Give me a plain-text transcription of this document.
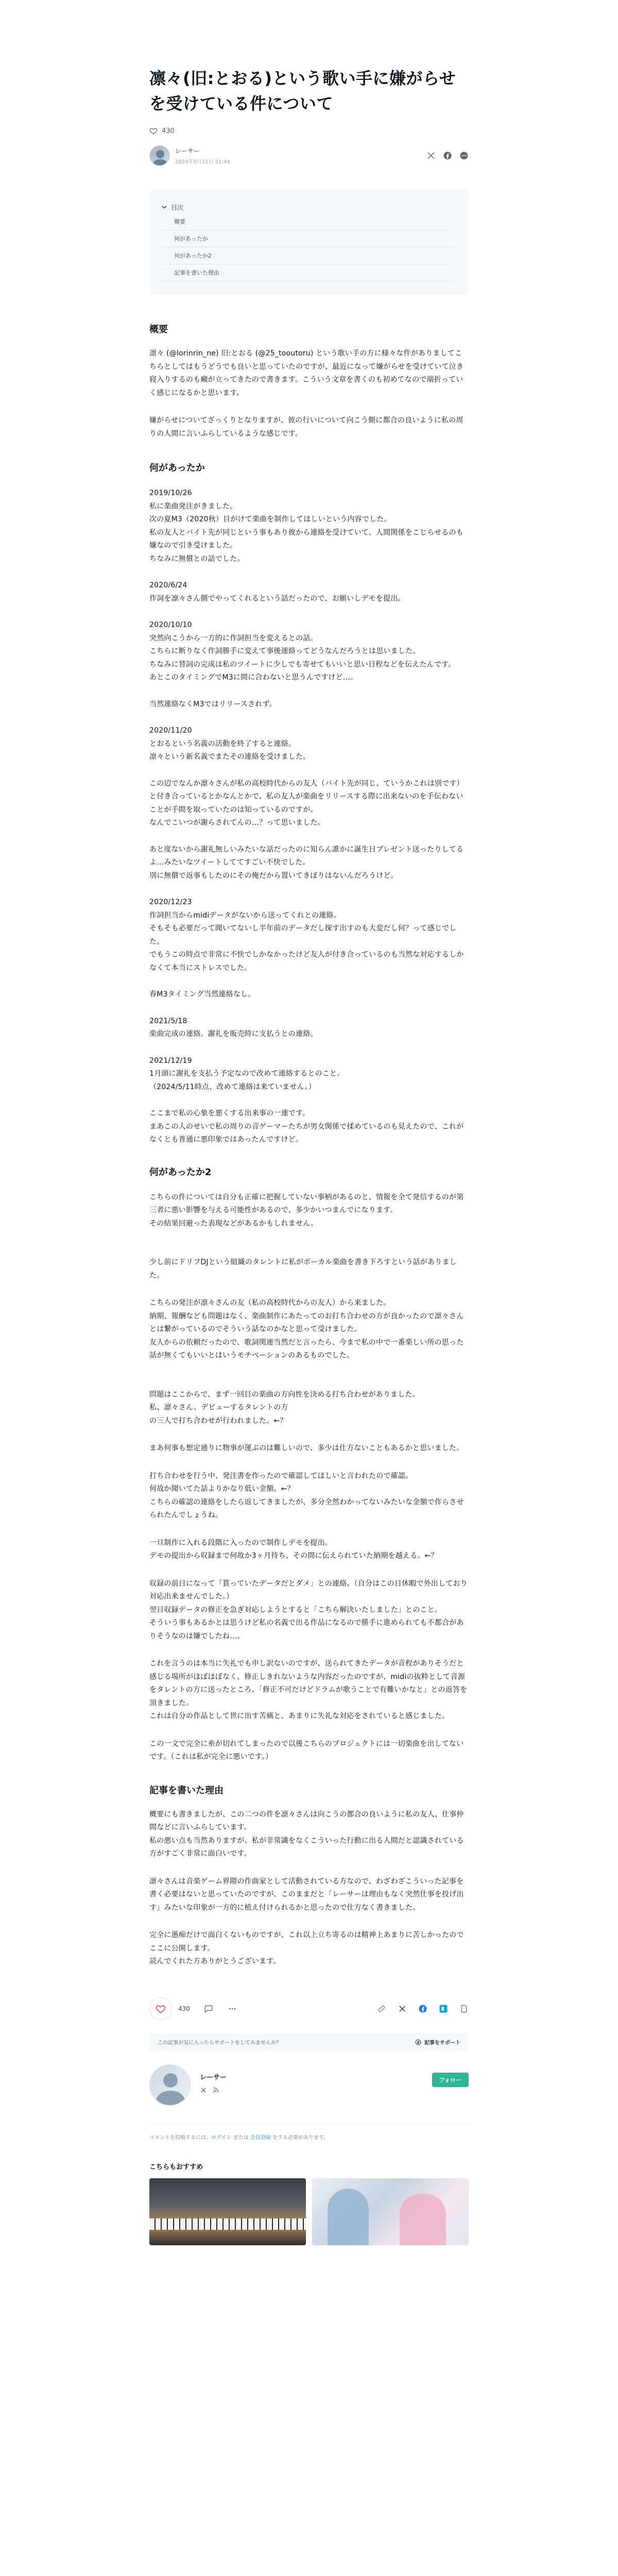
凛々(旧:とおる)という歌い手に嫌がらせを受けている件について
430
レーサー
2024年5月11日 21:44
目次
概要
何があったか
何があったか2
記事を書いた理由
概要

凛々 (@lorinrin_ne) 旧:とおる (@25_tooutoru) という歌い手の方に様々な件がありましてこちらとしてはもうどうでも良いと思っていたのですが、最近になって嫌がらせを受けていて泣き寝入りするのも癪が立ってきたので書きます。こういう文章を書くのも初めてなので端折っていく感じになるかと思います。

嫌がらせについてざっくりとなりますが、彼の行いについて向こう側に都合の良いように私の周りの人間に言いふらしているような感じです。

何があったか

2019/10/26
私に楽曲発注がきました。
次の夏M3（2020秋）目がけて楽曲を制作してほしいという内容でした。
私の友人とバイト先が同じという事もあり彼から連絡を受けていて、人間関係をこじらせるのも嫌なので引き受けました。
ちなみに無償との話でした。

2020/6/24
作詞を凛々さん側でやってくれるという話だったので、お願いしデモを提出。

2020/10/10
突然向こうから一方的に作詞担当を変えるとの話。
こちらに断りなく作詞勝手に変えて事後連絡ってどうなんだろうとは思いました。
ちなみに替詞の完成は私のツイートに少しでも寄せてもいいと思い日程などを伝えたんです。
あとこのタイミングでM3に間に合わないと思うんですけど…。

当然連絡なくM3ではリリースされず。

2020/11/20
とおるという名義の活動を終了すると連絡。
凛々という新名義でまたその連絡を受けました。

この辺でなんか凛々さんが私の高校時代からの友人（バイト先が同じ、ていうかこれは別です）と付き合っているとかなんとかで、私の友人が楽曲をリリースする際に出来ないのを手伝わないことが手間を取っていたのは知っているのですが。
なんでこいつが謝らされてんの…？って思いました。

あと度ないから謝礼無しいみたいな話だったのに知らん誰かに誕生日プレゼント送ったりしてるよ…みたいなツイートしててすごい不快でした。
別に無償で返事もしたのにその俺だから置いてきぼりはないんだろうけど。

2020/12/23
作詞担当からmidiデータがないから送ってくれとの連絡。
そもそも必要だって聞いてないし半年前のデータだし探す出すのも大変だし何？って感じでした。
でもうこの時点で非常に不快でしかなかったけど友人が付き合っているのも当然な対応するしかなくて本当にストレスでした。

春M3タイミング当然連絡なし。

2021/5/18
楽曲完成の連絡。謝礼を販売時に支払うとの連絡。

2021/12/19
1月頭に謝礼を支払う予定なので改めて連絡するとのこと。
（2024/5/11時点、改めて連絡は来ていません。）

ここまで私の心象を悪くする出来事の一連です。
まあこの人のせいで私の周りの音ゲーマーたちが男女関係で揉めているのも見えたので、これがなくとも普通に悪印象ではあったんですけど。

何があったか2

こちらの件については自分も正確に把握していない事柄があるのと、情報を全て発信するのが第三者に悪い影響を与える可能性があるので、多少かいつまんでになります。
その結果回避った表現などがあるかもしれません。

少し前にドリフDJという組織のタレントに私がボーカル楽曲を書き下ろすという話がありました。

こちらの発注が凛々さんの友（私の高校時代からの友人）から来ました。
納期、報酬なども問題はなく、楽曲制作にあたってのお打ち合わせの方が良かったので凛々さんとは繋がっているのでそういう話なのかなと思って受けました。
友人からの依頼だったので、歌詞関連当然だと言ったら、今まで私の中で一番楽しい所の思った話が無くてもいいとはいうモチベーションのあるものでした。

問題はここからで、まず一回目の楽曲の方向性を決める打ち合わせがありました。
私、凛々さん、デビューするタレントの方
の三人で打ち合わせが行われました。←？

まあ何事も想定通りに物事が運ぶのは難しいので、多少は仕方ないこともあるかと思いました。

打ち合わせを行う中、発注書を作ったので確認してほしいと言われたので確認。
何故か聞いてた話よりかなり低い金額。←？
こちらの確認の連絡をしたら返してきましたが、多分全然わかってないみたいな金額で作らさせられたんでしょうね。

一旦制作に入れる段階に入ったので制作しデモを提出。
デモの提出から収録まで何故か3ヶ月待ち、その間に伝えられていた納期を越える。←？

収録の前日になって「貰っていたデータだとダメ」との連絡。（自分はこの日休暇で外出しており対応出来ませんでした。）
翌日収録データの修正を急ぎ対応しようとすると「こちら解決いたしました」とのこと。
そういう事もあるかとは思うけど私の名義で出る作品になるので勝手に進められても不都合がありそうなのは嫌でしたね…。

これを言うのは本当に失礼でも申し訳ないのですが、送られてきたデータが音程がありそうだと感じる場所がほぼほぼなく、修正しきれないような内容だったのですが、midiの抜粋として音源をタレントの方に送ったところ、「修正不可だけどドラムが歌うことで有難いかなと」との返答を頂きました。
これは自分の作品として世に出す苦痛と、あまりに失礼な対応をされていると感じました。

この一文で完全に糸が切れてしまったので以後こちらのプロジェクトには一切楽曲を出してないです。（これは私が完全に悪いです。）

記事を書いた理由

概要にも書きましたが、この二つの件を凛々さんは向こうの都合の良いように私の友人、仕事仲間などに言いふらしています。
私の悪い点も当然ありますが、私が非常識をなくこういった行動に出る人間だと認識されている方がすごく非常に面白いです。

凛々さんは音楽ゲーム界隈の作曲家として活動されている方なので、わざわざこういった記事を書く必要はないと思っていたのですが、このままだと「レーサーは理由もなく突然仕事を投げ出す」みたいな印象が一方的に植え付けられるかと思ったので仕方なく書きました。

完全に愚痴だけで面白くないものですが、これ以上立ち寄るのは精神上あまりに苦しかったのでここに公開します。
読んでくれた方ありがとうございます。

430
この記事が気に入ったらサポートをしてみませんか？	記事をサポート
レーサー	フォロー
コメントを投稿するには、ログイン または 会員登録 をする必要があります。
こちらもおすすめ
